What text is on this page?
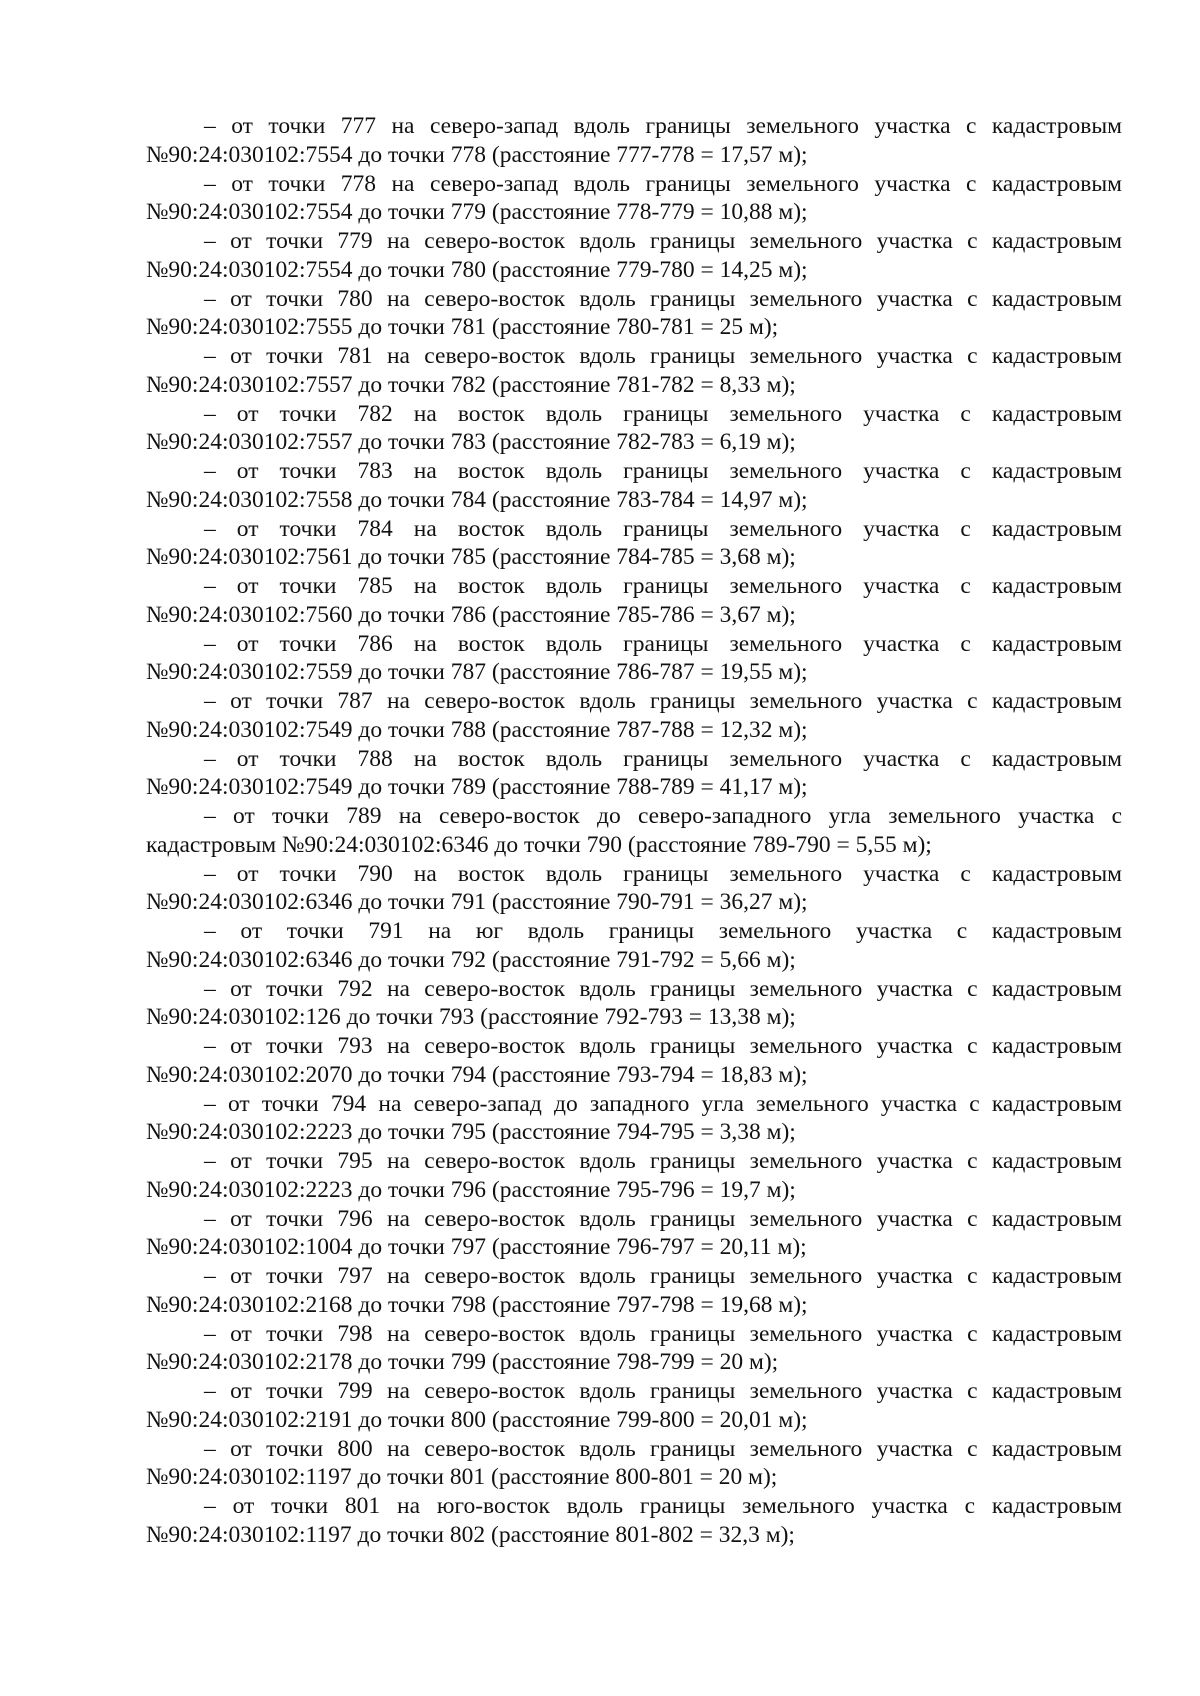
– от точки 777 на северо-запад вдоль границы земельного участка с кадастровым №90:24:030102:7554 до точки 778 (расстояние 777-778 = 17,57 м);

– от точки 778 на северо-запад вдоль границы земельного участка с кадастровым №90:24:030102:7554 до точки 779 (расстояние 778-779 = 10,88 м);

– от точки 779 на северо-восток вдоль границы земельного участка с кадастровым №90:24:030102:7554 до точки 780 (расстояние 779-780 = 14,25 м);

– от точки 780 на северо-восток вдоль границы земельного участка с кадастровым №90:24:030102:7555 до точки 781 (расстояние 780-781 = 25 м);

– от точки 781 на северо-восток вдоль границы земельного участка с кадастровым №90:24:030102:7557 до точки 782 (расстояние 781-782 = 8,33 м);

– от точки 782 на восток вдоль границы земельного участка с кадастровым №90:24:030102:7557 до точки 783 (расстояние 782-783 = 6,19 м);

– от точки 783 на восток вдоль границы земельного участка с кадастровым №90:24:030102:7558 до точки 784 (расстояние 783-784 = 14,97 м);

– от точки 784 на восток вдоль границы земельного участка с кадастровым №90:24:030102:7561 до точки 785 (расстояние 784-785 = 3,68 м);

– от точки 785 на восток вдоль границы земельного участка с кадастровым №90:24:030102:7560 до точки 786 (расстояние 785-786 = 3,67 м);

– от точки 786 на восток вдоль границы земельного участка с кадастровым №90:24:030102:7559 до точки 787 (расстояние 786-787 = 19,55 м);

– от точки 787 на северо-восток вдоль границы земельного участка с кадастровым №90:24:030102:7549 до точки 788 (расстояние 787-788 = 12,32 м);

– от точки 788 на восток вдоль границы земельного участка с кадастровым №90:24:030102:7549 до точки 789 (расстояние 788-789 = 41,17 м);

– от точки 789 на северо-восток до северо-западного угла земельного участка с кадастровым №90:24:030102:6346 до точки 790 (расстояние 789-790 = 5,55 м);

– от точки 790 на восток вдоль границы земельного участка с кадастровым №90:24:030102:6346 до точки 791 (расстояние 790-791 = 36,27 м);

– от точки 791 на юг вдоль границы земельного участка с кадастровым №90:24:030102:6346 до точки 792 (расстояние 791-792 = 5,66 м);

– от точки 792 на северо-восток вдоль границы земельного участка с кадастровым №90:24:030102:126 до точки 793 (расстояние 792-793 = 13,38 м);

– от точки 793 на северо-восток вдоль границы земельного участка с кадастровым №90:24:030102:2070 до точки 794 (расстояние 793-794 = 18,83 м);

– от точки 794 на северо-запад до западного угла земельного участка с кадастровым №90:24:030102:2223 до точки 795 (расстояние 794-795 = 3,38 м);

– от точки 795 на северо-восток вдоль границы земельного участка с кадастровым №90:24:030102:2223 до точки 796 (расстояние 795-796 = 19,7 м);

– от точки 796 на северо-восток вдоль границы земельного участка с кадастровым №90:24:030102:1004 до точки 797 (расстояние 796-797 = 20,11 м);

– от точки 797 на северо-восток вдоль границы земельного участка с кадастровым №90:24:030102:2168 до точки 798 (расстояние 797-798 = 19,68 м);

– от точки 798 на северо-восток вдоль границы земельного участка с кадастровым №90:24:030102:2178 до точки 799 (расстояние 798-799 = 20 м);

– от точки 799 на северо-восток вдоль границы земельного участка с кадастровым №90:24:030102:2191 до точки 800 (расстояние 799-800 = 20,01 м);

– от точки 800 на северо-восток вдоль границы земельного участка с кадастровым №90:24:030102:1197 до точки 801 (расстояние 800-801 = 20 м);

– от точки 801 на юго-восток вдоль границы земельного участка с кадастровым №90:24:030102:1197 до точки 802 (расстояние 801-802 = 32,3 м);
